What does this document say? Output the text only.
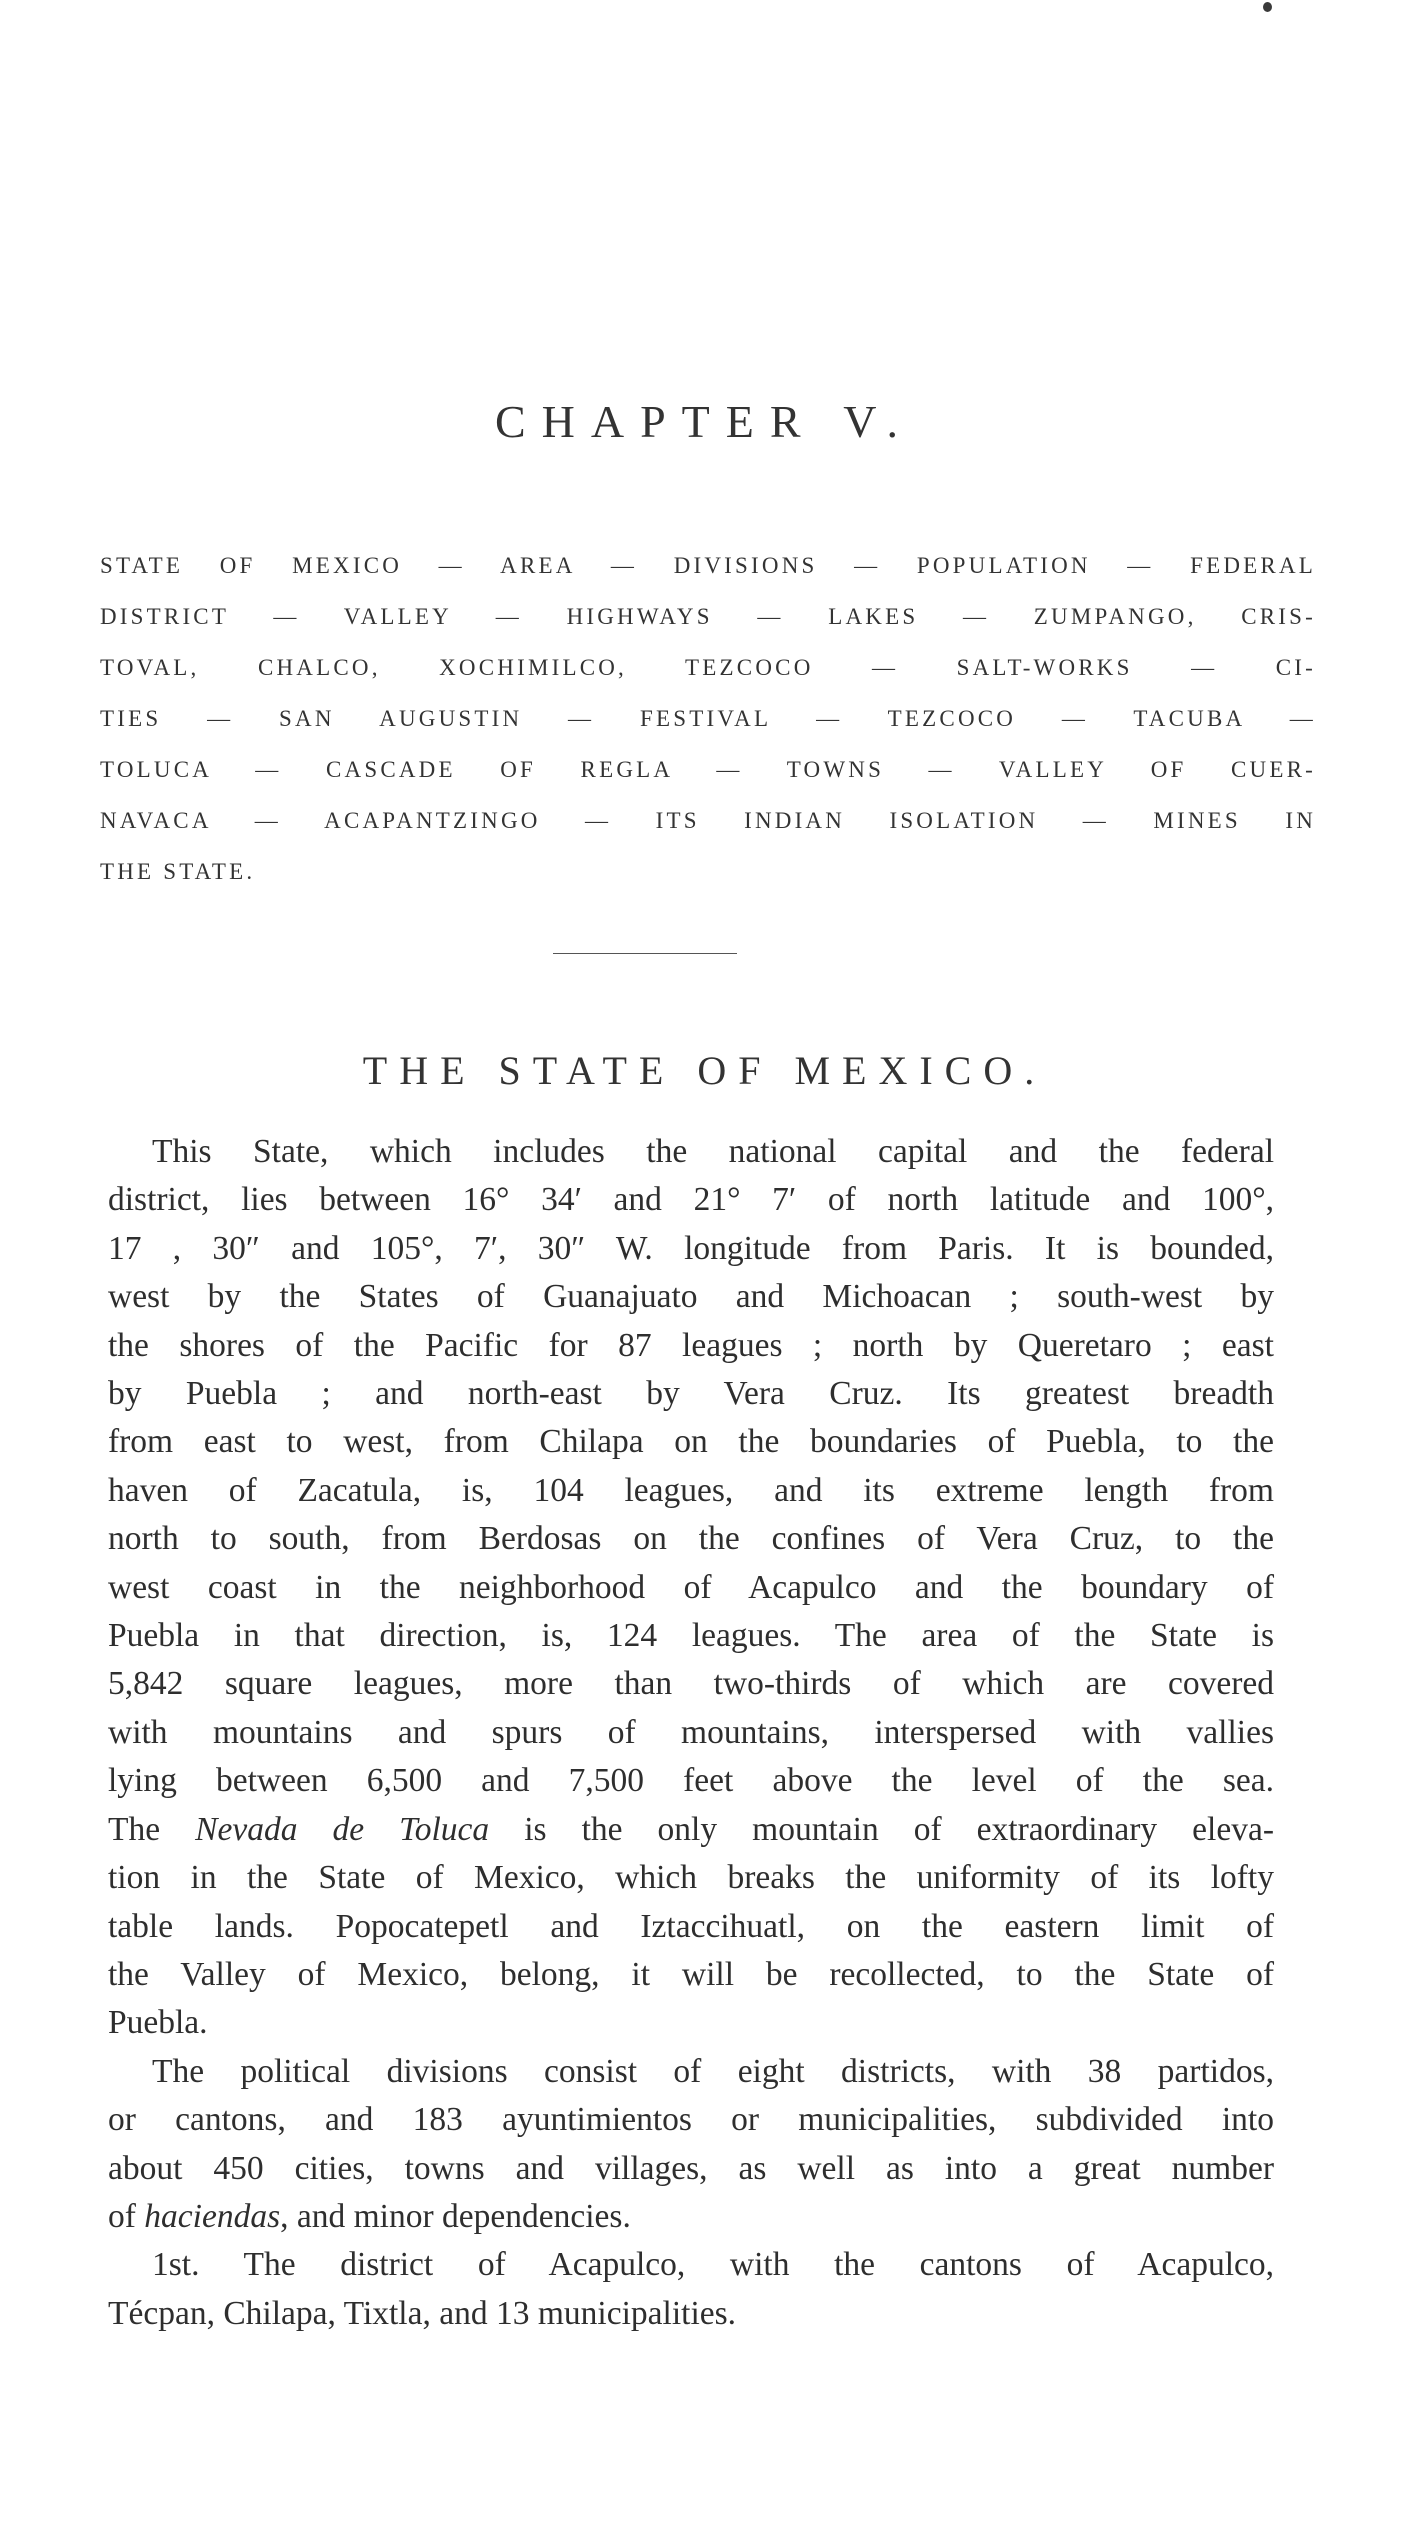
CHAPTER V.
STATE OF MEXICO — AREA — DIVISIONS — POPULATION — FEDERAL
DISTRICT — VALLEY — HIGHWAYS — LAKES — ZUMPANGO, CRIS-
TOVAL, CHALCO, XOCHIMILCO, TEZCOCO — SALT-WORKS — CI-
TIES — SAN AUGUSTIN — FESTIVAL — TEZCOCO — TACUBA —
TOLUCA — CASCADE OF REGLA — TOWNS — VALLEY OF CUER-
NAVACA — ACAPANTZINGO — ITS INDIAN ISOLATION — MINES IN
THE STATE.
THE STATE OF MEXICO.
This State, which includes the national capital and the federal
district, lies between 16° 34′ and 21° 7′ of north latitude and 100°,
17 , 30″ and 105°, 7′, 30″ W. longitude from Paris. It is bounded,
west by the States of Guanajuato and Michoacan ; south-west by
the shores of the Pacific for 87 leagues ; north by Queretaro ; east
by Puebla ; and north-east by Vera Cruz. Its greatest breadth
from east to west, from Chilapa on the boundaries of Puebla, to the
haven of Zacatula, is, 104 leagues, and its extreme length from
north to south, from Berdosas on the confines of Vera Cruz, to the
west coast in the neighborhood of Acapulco and the boundary of
Puebla in that direction, is, 124 leagues. The area of the State is
5,842 square leagues, more than two-thirds of which are covered
with mountains and spurs of mountains, interspersed with vallies
lying between 6,500 and 7,500 feet above the level of the sea.
The Nevada de Toluca is the only mountain of extraordinary eleva-
tion in the State of Mexico, which breaks the uniformity of its lofty
table lands. Popocatepetl and Iztaccihuatl, on the eastern limit of
the Valley of Mexico, belong, it will be recollected, to the State of
Puebla.
The political divisions consist of eight districts, with 38 partidos,
or cantons, and 183 ayuntimientos or municipalities, subdivided into
about 450 cities, towns and villages, as well as into a great number
of haciendas, and minor dependencies.
1st. The district of Acapulco, with the cantons of Acapulco,
Técpan, Chilapa, Tixtla, and 13 municipalities.
